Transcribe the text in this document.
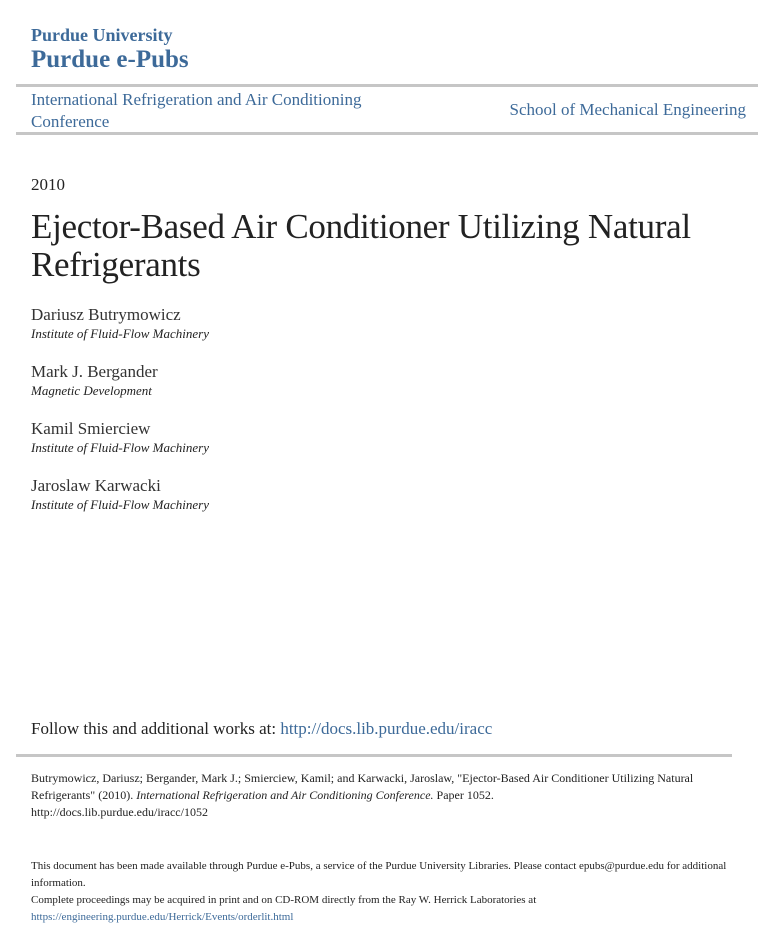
Purdue University
Purdue e-Pubs
International Refrigeration and Air Conditioning Conference
School of Mechanical Engineering
2010
Ejector-Based Air Conditioner Utilizing Natural Refrigerants
Dariusz Butrymowicz
Institute of Fluid-Flow Machinery
Mark J. Bergander
Magnetic Development
Kamil Smierciew
Institute of Fluid-Flow Machinery
Jaroslaw Karwacki
Institute of Fluid-Flow Machinery
Follow this and additional works at: http://docs.lib.purdue.edu/iracc
Butrymowicz, Dariusz; Bergander, Mark J.; Smierciew, Kamil; and Karwacki, Jaroslaw, "Ejector-Based Air Conditioner Utilizing Natural Refrigerants" (2010). International Refrigeration and Air Conditioning Conference. Paper 1052.
http://docs.lib.purdue.edu/iracc/1052

This document has been made available through Purdue e-Pubs, a service of the Purdue University Libraries. Please contact epubs@purdue.edu for additional information.

Complete proceedings may be acquired in print and on CD-ROM directly from the Ray W. Herrick Laboratories at https://engineering.purdue.edu/Herrick/Events/orderlit.html
